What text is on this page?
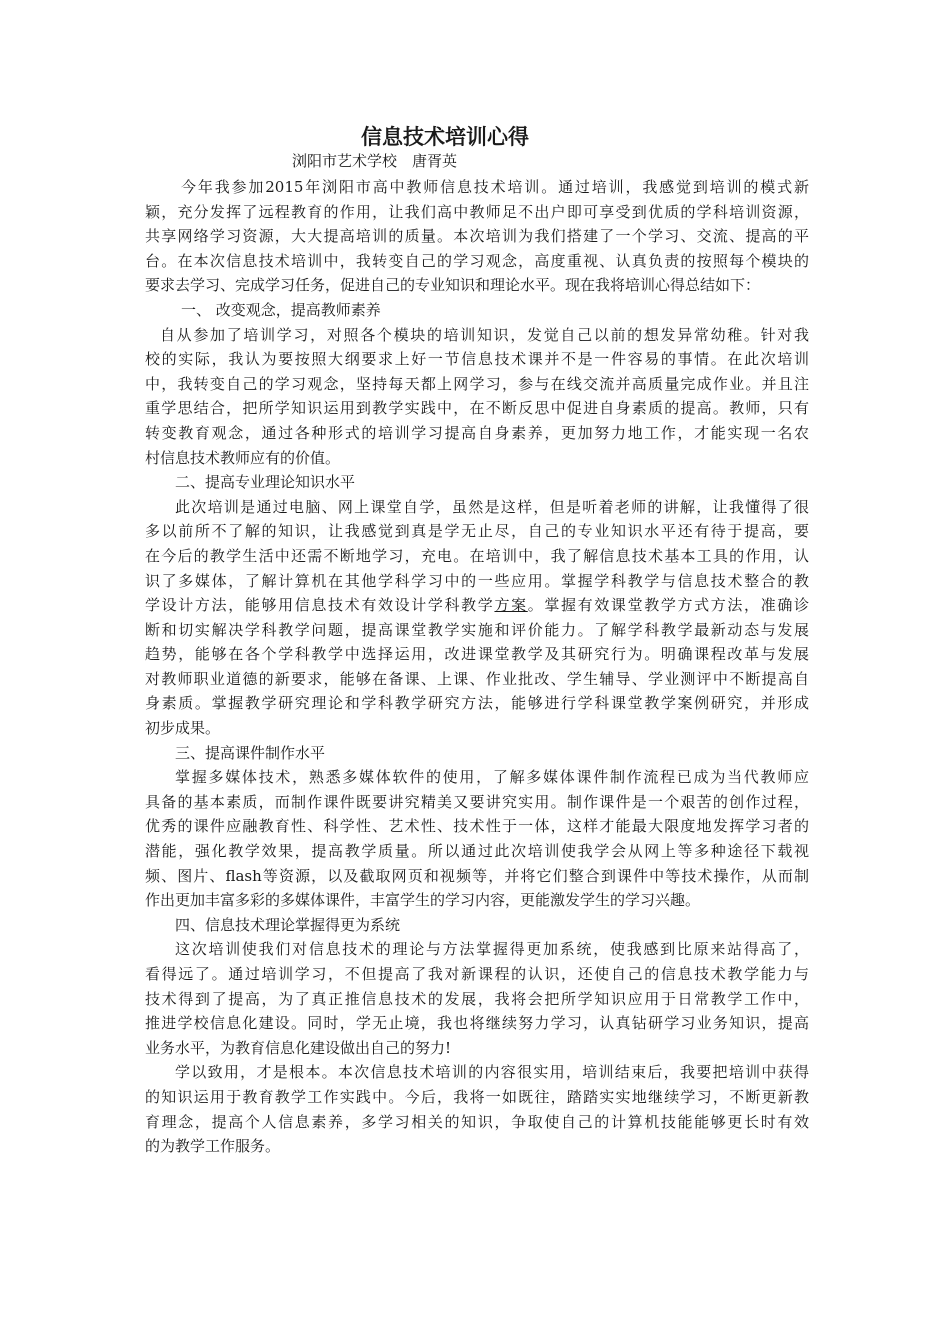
信息技术培训心得
浏阳市艺术学校　唐胥英
今年我参加2015年浏阳市高中教师信息技术培训。通过培训，我感觉到培训的模式新
颖，充分发挥了远程教育的作用，让我们高中教师足不出户即可享受到优质的学科培训资源，
共享网络学习资源，大大提高培训的质量。本次培训为我们搭建了一个学习、交流、提高的平
台。在本次信息技术培训中，我转变自己的学习观念，高度重视、认真负责的按照每个模块的
要求去学习、完成学习任务，促进自己的专业知识和理论水平。现在我将培训心得总结如下：
一、 改变观念，提高教师素养
自从参加了培训学习，对照各个模块的培训知识，发觉自己以前的想发异常幼稚。针对我
校的实际，我认为要按照大纲要求上好一节信息技术课并不是一件容易的事情。在此次培训
中，我转变自己的学习观念，坚持每天都上网学习，参与在线交流并高质量完成作业。并且注
重学思结合，把所学知识运用到教学实践中，在不断反思中促进自身素质的提高。教师，只有
转变教育观念，通过各种形式的培训学习提高自身素养，更加努力地工作，才能实现一名农
村信息技术教师应有的价值。
二、提高专业理论知识水平
此次培训是通过电脑、网上课堂自学，虽然是这样，但是听着老师的讲解，让我懂得了很
多以前所不了解的知识，让我感觉到真是学无止尽，自己的专业知识水平还有待于提高，要
在今后的教学生活中还需不断地学习，充电。在培训中，我了解信息技术基本工具的作用，认
识了多媒体，了解计算机在其他学科学习中的一些应用。掌握学科教学与信息技术整合的教
学设计方法，能够用信息技术有效设计学科教学方案。掌握有效课堂教学方式方法，准确诊
断和切实解决学科教学问题，提高课堂教学实施和评价能力。了解学科教学最新动态与发展
趋势，能够在各个学科教学中选择运用，改进课堂教学及其研究行为。明确课程改革与发展
对教师职业道德的新要求，能够在备课、上课、作业批改、学生辅导、学业测评中不断提高自
身素质。掌握教学研究理论和学科教学研究方法，能够进行学科课堂教学案例研究，并形成
初步成果。
三、提高课件制作水平
掌握多媒体技术，熟悉多媒体软件的使用，了解多媒体课件制作流程已成为当代教师应
具备的基本素质，而制作课件既要讲究精美又要讲究实用。制作课件是一个艰苦的创作过程，
优秀的课件应融教育性、科学性、艺术性、技术性于一体，这样才能最大限度地发挥学习者的
潜能，强化教学效果，提高教学质量。所以通过此次培训使我学会从网上等多种途径下载视
频、图片、flash等资源，以及截取网页和视频等，并将它们整合到课件中等技术操作，从而制
作出更加丰富多彩的多媒体课件，丰富学生的学习内容，更能激发学生的学习兴趣。
四、信息技术理论掌握得更为系统
这次培训使我们对信息技术的理论与方法掌握得更加系统，使我感到比原来站得高了，
看得远了。通过培训学习，不但提高了我对新课程的认识，还使自己的信息技术教学能力与
技术得到了提高，为了真正推信息技术的发展，我将会把所学知识应用于日常教学工作中，
推进学校信息化建设。同时，学无止境，我也将继续努力学习，认真钻研学习业务知识，提高
业务水平，为教育信息化建设做出自己的努力!
学以致用，才是根本。本次信息技术培训的内容很实用，培训结束后，我要把培训中获得
的知识运用于教育教学工作实践中。今后，我将一如既往，踏踏实实地继续学习，不断更新教
育理念，提高个人信息素养，多学习相关的知识，争取使自己的计算机技能能够更长时有效
的为教学工作服务。
